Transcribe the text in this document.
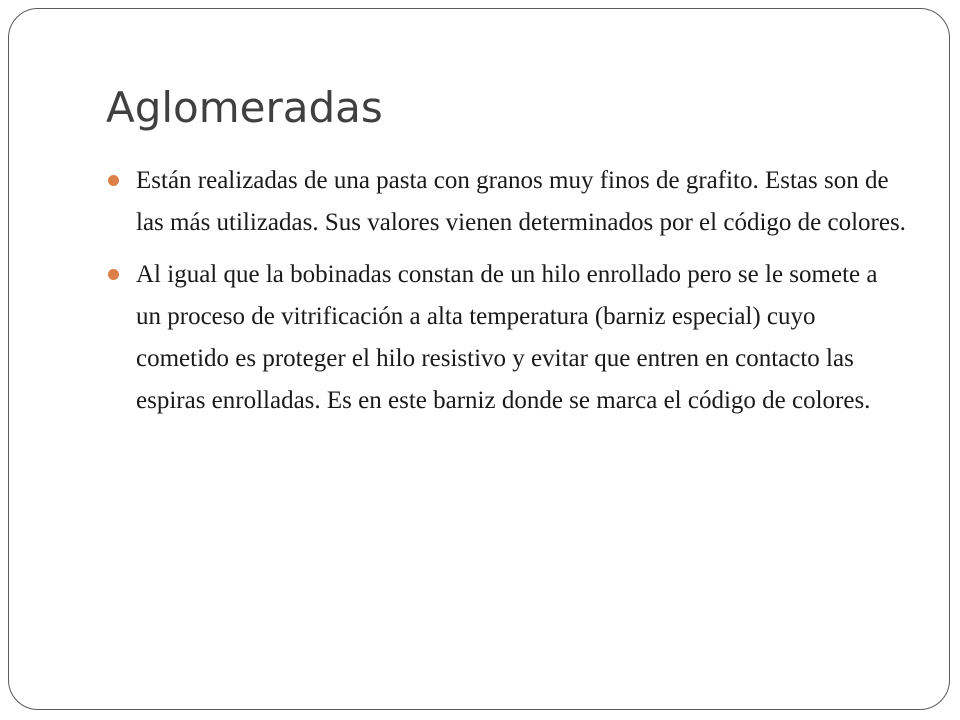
Aglomeradas
Están realizadas de una pasta con granos muy finos de grafito. Estas son de las más utilizadas. Sus valores vienen determinados por el código de colores.
Al igual que la bobinadas constan de un hilo enrollado pero se le somete a un proceso de vitrificación a alta temperatura (barniz especial) cuyo cometido es proteger el hilo resistivo y evitar que entren en contacto las espiras enrolladas. Es en este barniz donde se marca el código de colores.
